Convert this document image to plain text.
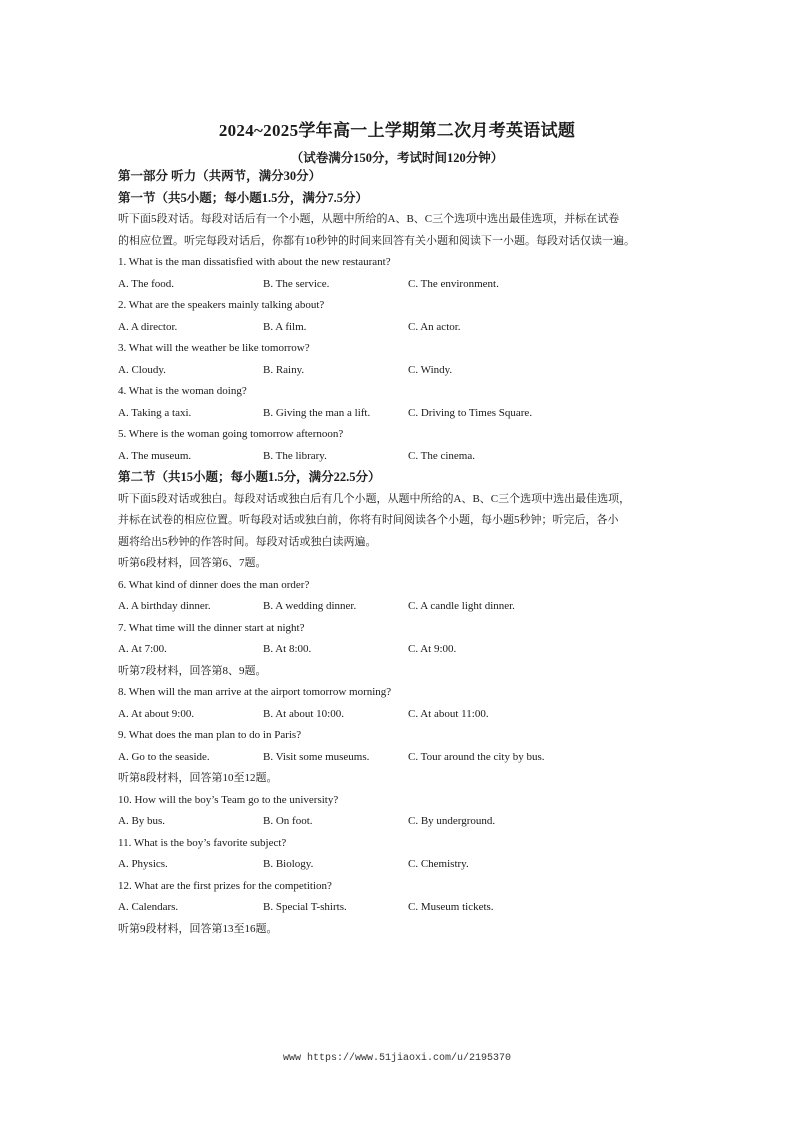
2024~2025学年高一上学期第二次月考英语试题
（试卷满分150分，考试时间120分钟）
第一部分 听力（共两节，满分30分）
第一节（共5小题；每小题1.5分，满分7.5分）
听下面5段对话。每段对话后有一个小题，从题中所给的A、B、C三个选项中选出最佳选项，并标在试卷
的相应位置。听完每段对话后，你都有10秒钟的时间来回答有关小题和阅读下一小题。每段对话仅读一遍。
1. What is the man dissatisfied with about the new restaurant?
A. The food.	B. The service.	C. The environment.
2. What are the speakers mainly talking about?
A. A director.	B. A film.	C. An actor.
3. What will the weather be like tomorrow?
A. Cloudy.	B. Rainy.	C. Windy.
4. What is the woman doing?
A. Taking a taxi.	B. Giving the man a lift.	C. Driving to Times Square.
5. Where is the woman going tomorrow afternoon?
A. The museum.	B. The library.	C. The cinema.
第二节（共15小题；每小题1.5分，满分22.5分）
听下面5段对话或独白。每段对话或独白后有几个小题，从题中所给的A、B、C三个选项中选出最佳选项，
并标在试卷的相应位置。听每段对话或独白前，你将有时间阅读各个小题，每小题5秒钟；听完后，各小
题将给出5秒钟的作答时间。每段对话或独白读两遍。
听第6段材料，回答第6、7题。
6. What kind of dinner does the man order?
A. A birthday dinner.	B. A wedding dinner.	C. A candle light dinner.
7. What time will the dinner start at night?
A. At 7:00.	B. At 8:00.	C. At 9:00.
听第7段材料，回答第8、9题。
8. When will the man arrive at the airport tomorrow morning?
A. At about 9:00.	B. At about 10:00.	C. At about 11:00.
9. What does the man plan to do in Paris?
A. Go to the seaside.	B. Visit some museums.	C. Tour around the city by bus.
听第8段材料，回答第10至12题。
10. How will the boy’s Team go to the university?
A. By bus.	B. On foot.	C. By underground.
11. What is the boy’s favorite subject?
A. Physics.	B. Biology.	C. Chemistry.
12. What are the first prizes for the competition?
A. Calendars.	B. Special T-shirts.	C. Museum tickets.
听第9段材料，回答第13至16题。
www https://www.51jiaoxi.com/u/2195370
